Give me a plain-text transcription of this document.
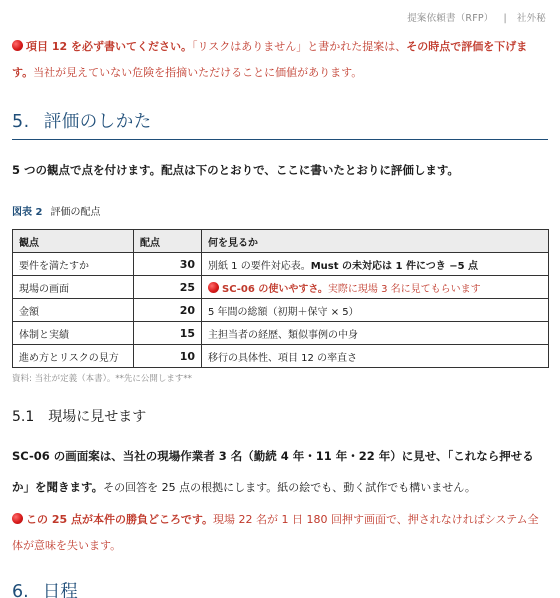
提案依頼書（RFP） | 社外秘
項目 12 を必ず書いてください。「リスクはありません」と書かれた提案は、その時点で評価を下げます。当社が見えていない危険を指摘いただけることに価値があります。
5. 評価のしかた
5 つの観点で点を付けます。配点は下のとおりで、ここに書いたとおりに評価します。
図表 2 評価の配点
観点	配点	何を見るか
要件を満たすか	30	別紙 1 の要件対応表。Must の未対応は 1 件につき −5 点
現場の画面	25	SC-06 の使いやすさ。実際に現場 3 名に見てもらいます
金額	20	5 年間の総額（初期＋保守 × 5）
体制と実績	15	主担当者の経歴、類似事例の中身
進め方とリスクの見方	10	移行の具体性、項目 12 の率直さ
資料: 当社が定義（本書）。**先に公開します**
5.1 現場に見せます
SC-06 の画面案は、当社の現場作業者 3 名（勤続 4 年・11 年・22 年）に見せ、「これなら押せるか」を聞きます。その回答を 25 点の根拠にします。紙の絵でも、動く試作でも構いません。
この 25 点が本件の勝負どころです。現場 22 名が 1 日 180 回押す画面で、押されなければシステム全体が意味を失います。
6. 日程
